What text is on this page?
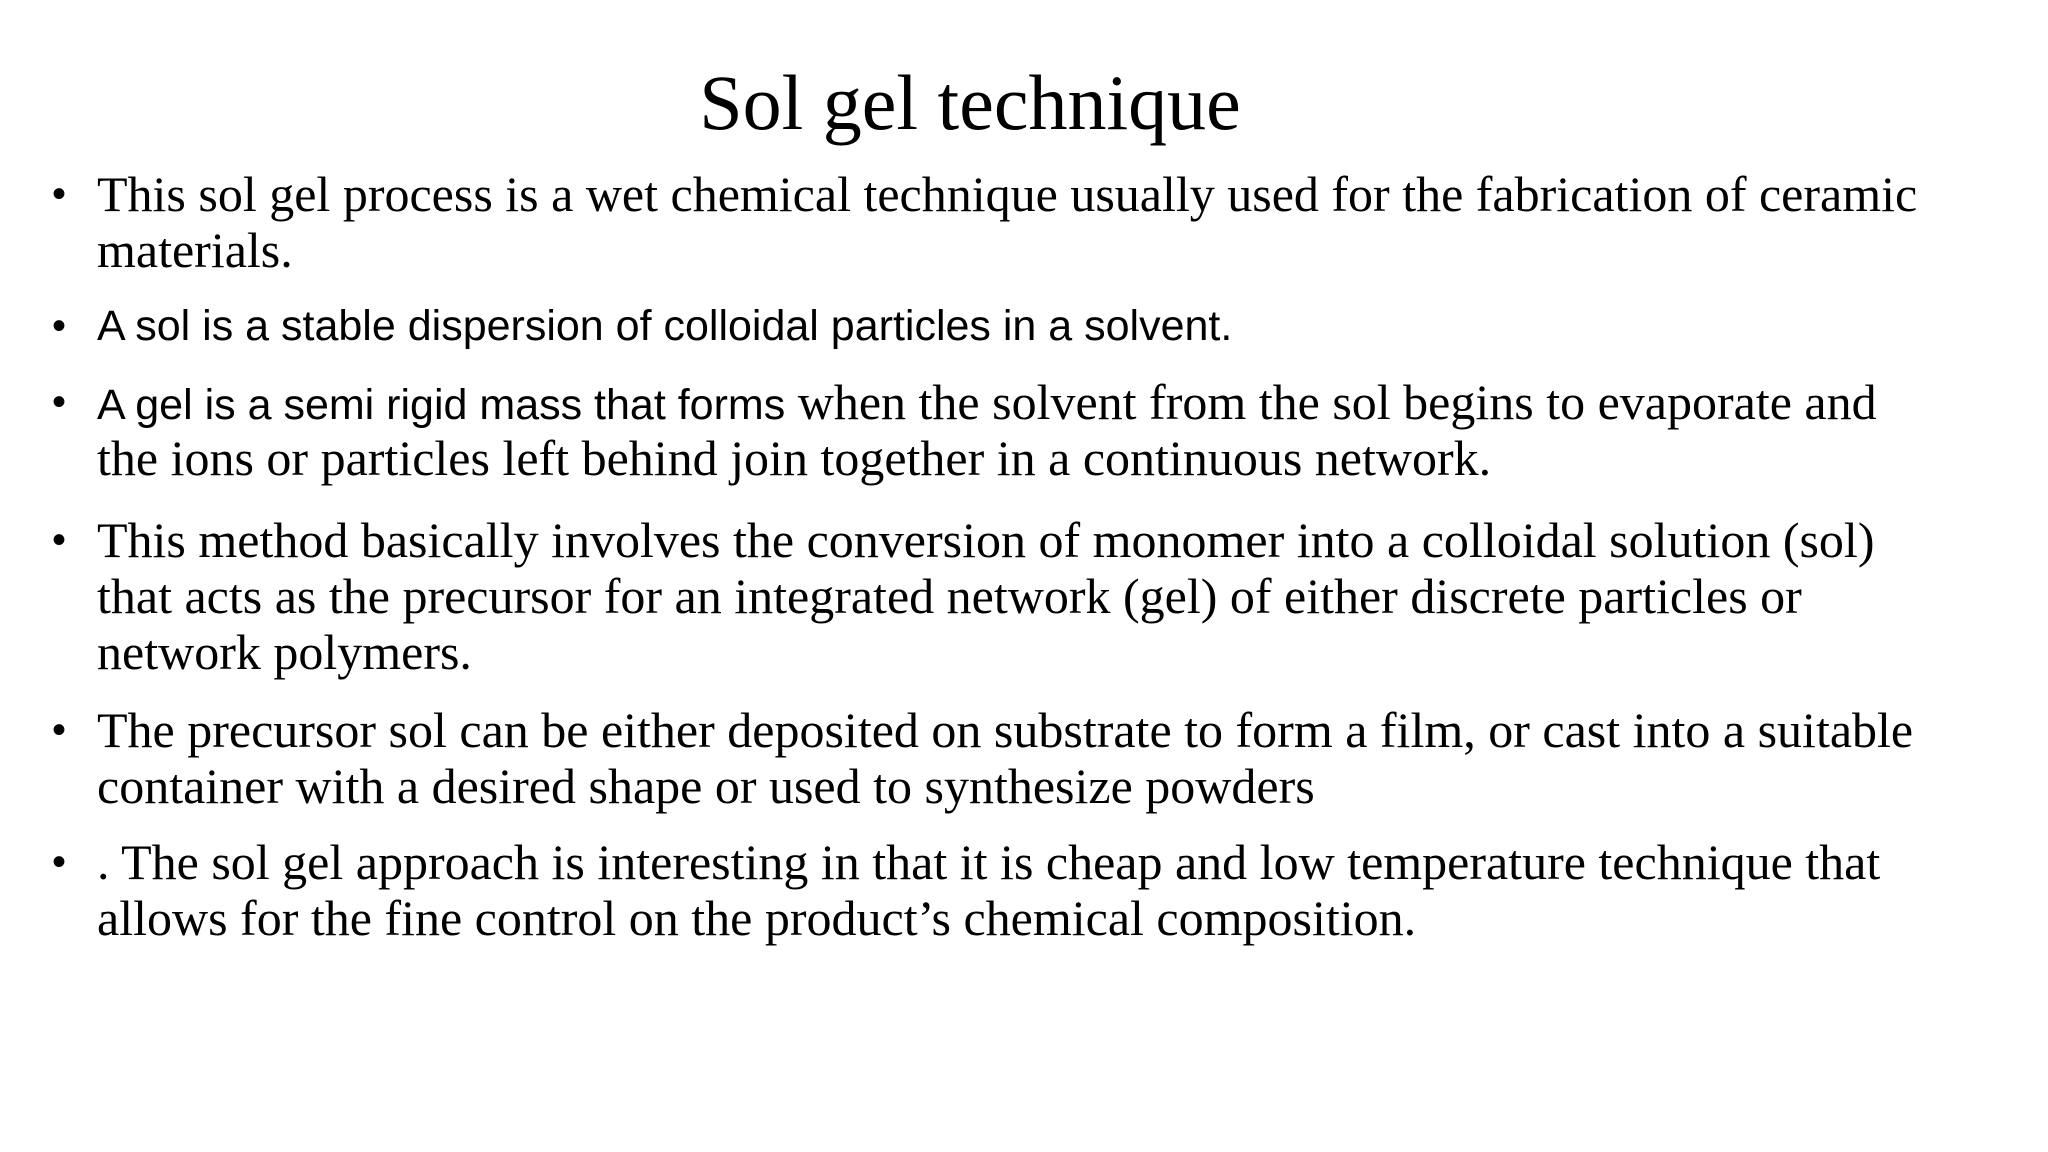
Sol gel technique
• This sol gel process is a wet chemical technique usually used for the fabrication of ceramic
materials.
• A sol is a stable dispersion of colloidal particles in a solvent.
• A gel is a semi rigid mass that forms when the solvent from the sol begins to evaporate and
the ions or particles left behind join together in a continuous network.
• This method basically involves the conversion of monomer into a colloidal solution (sol)
that acts as the precursor for an integrated network (gel) of either discrete particles or
network polymers.
• The precursor sol can be either deposited on substrate to form a film, or cast into a suitable
container with a desired shape or used to synthesize powders
• . The sol gel approach is interesting in that it is cheap and low temperature technique that
allows for the fine control on the product’s chemical composition.
